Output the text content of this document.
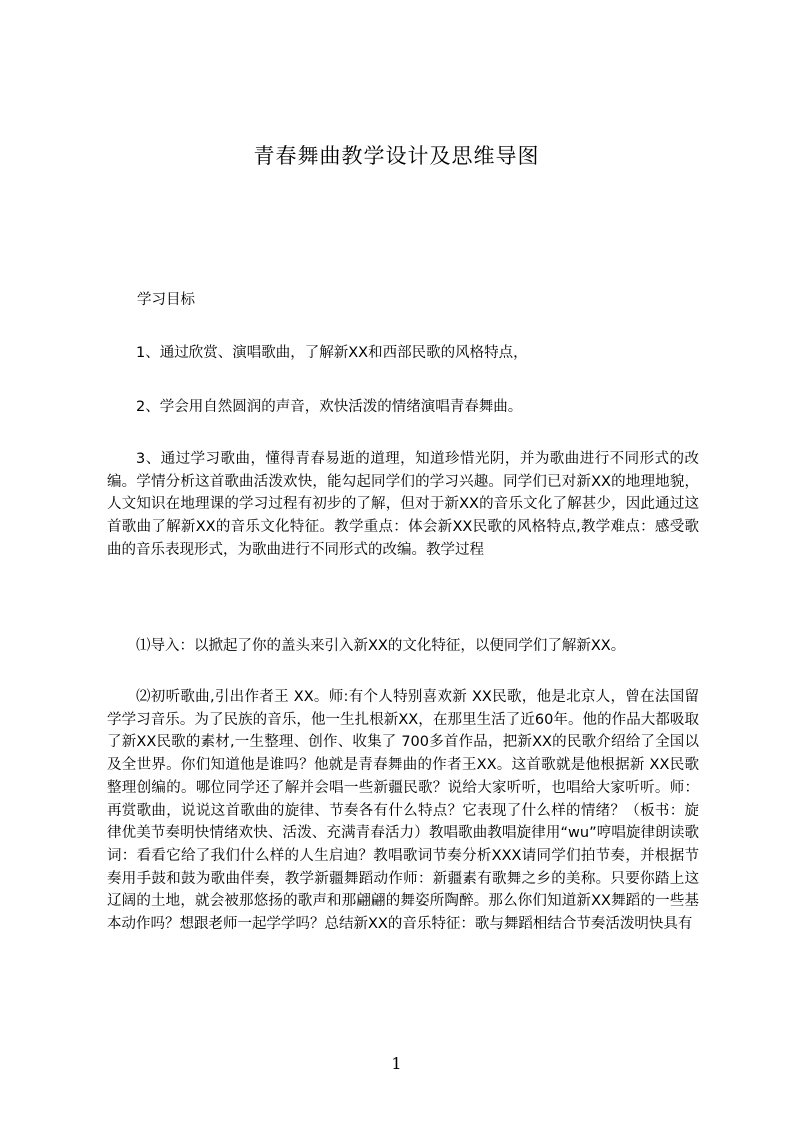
青春舞曲教学设计及思维导图
学习目标
1、通过欣赏、演唱歌曲，了解新XX和西部民歌的风格特点，
2、学会用自然圆润的声音，欢快活泼的情绪演唱青春舞曲。
3、通过学习歌曲，懂得青春易逝的道理，知道珍惜光阴，并为歌曲进行不同形式的改编。学情分析这首歌曲活泼欢快，能勾起同学们的学习兴趣。同学们已对新XX的地理地貌，人文知识在地理课的学习过程有初步的了解，但对于新XX的音乐文化了解甚少，因此通过这首歌曲了解新XX的音乐文化特征。教学重点：体会新XX民歌的风格特点,教学难点：感受歌曲的音乐表现形式，为歌曲进行不同形式的改编。教学过程
⑴导入：以掀起了你的盖头来引入新XX的文化特征，以便同学们了解新XX。
⑵初听歌曲,引出作者王 XX。师:有个人特别喜欢新 XX民歌，他是北京人，曾在法国留学学习音乐。为了民族的音乐，他一生扎根新XX，在那里生活了近60年。他的作品大都吸取了新XX民歌的素材,一生整理、创作、收集了 700多首作品，把新XX的民歌介绍给了全国以及全世界。你们知道他是谁吗？他就是青春舞曲的作者王XX。这首歌就是他根据新 XX民歌整理创编的。哪位同学还了解并会唱一些新疆民歌？说给大家听听，也唱给大家听听。师：再赏歌曲，说说这首歌曲的旋律、节奏各有什么特点？它表现了什么样的情绪？（板书：旋律优美节奏明快情绪欢快、活泼、充满青春活力）教唱歌曲教唱旋律用“wu”哼唱旋律朗读歌词：看看它给了我们什么样的人生启迪？教唱歌词节奏分析XXX请同学们拍节奏，并根据节奏用手鼓和鼓为歌曲伴奏，教学新疆舞蹈动作师：新疆素有歌舞之乡的美称。只要你踏上这辽阔的土地，就会被那悠扬的歌声和那翩翩的舞姿所陶醉。那么你们知道新XX舞蹈的一些基本动作吗？想跟老师一起学学吗？总结新XX的音乐特征：歌与舞蹈相结合节奏活泼明快具有
1
